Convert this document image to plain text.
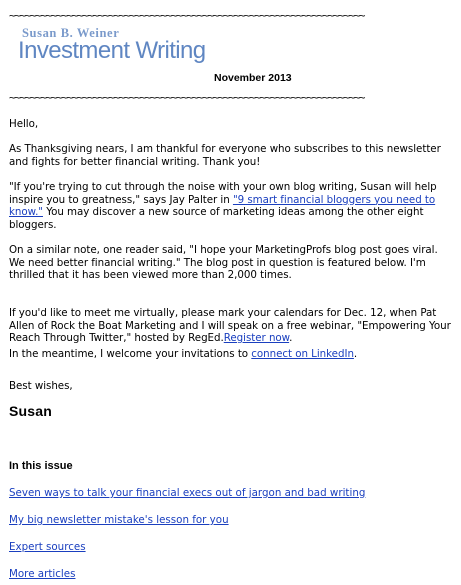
~~~~~~~~~~~~~~~~~~~~~~~~~~~~~~~~~~~~~~~~~~~~~~~~~~~~~~~~~~~~~~~~~~~~
Susan B. Weiner
Investment Writing
November 2013
~~~~~~~~~~~~~~~~~~~~~~~~~~~~~~~~~~~~~~~~~~~~~~~~~~~~~~~~~~~~~~~~~~~~
Hello,
As Thanksgiving nears, I am thankful for everyone who subscribes to this newsletter and fights for better financial writing. Thank you!
"If you're trying to cut through the noise with your own blog writing, Susan will help inspire you to greatness," says Jay Palter in "9 smart financial bloggers you need to know." You may discover a new source of marketing ideas among the other eight bloggers.
On a similar note, one reader said, "I hope your MarketingProfs blog post goes viral. We need better financial writing." The blog post in question is featured below. I'm thrilled that it has been viewed more than 2,000 times.
If you'd like to meet me virtually, please mark your calendars for Dec. 12, when Pat Allen of Rock the Boat Marketing and I will speak on a free webinar, "Empowering Your Reach Through Twitter," hosted by RegEd.Register now.
In the meantime, I welcome your invitations to connect on LinkedIn.
Best wishes,
Susan
In this issue
Seven ways to talk your financial execs out of jargon and bad writing
My big newsletter mistake's lesson for you
Expert sources
More articles
